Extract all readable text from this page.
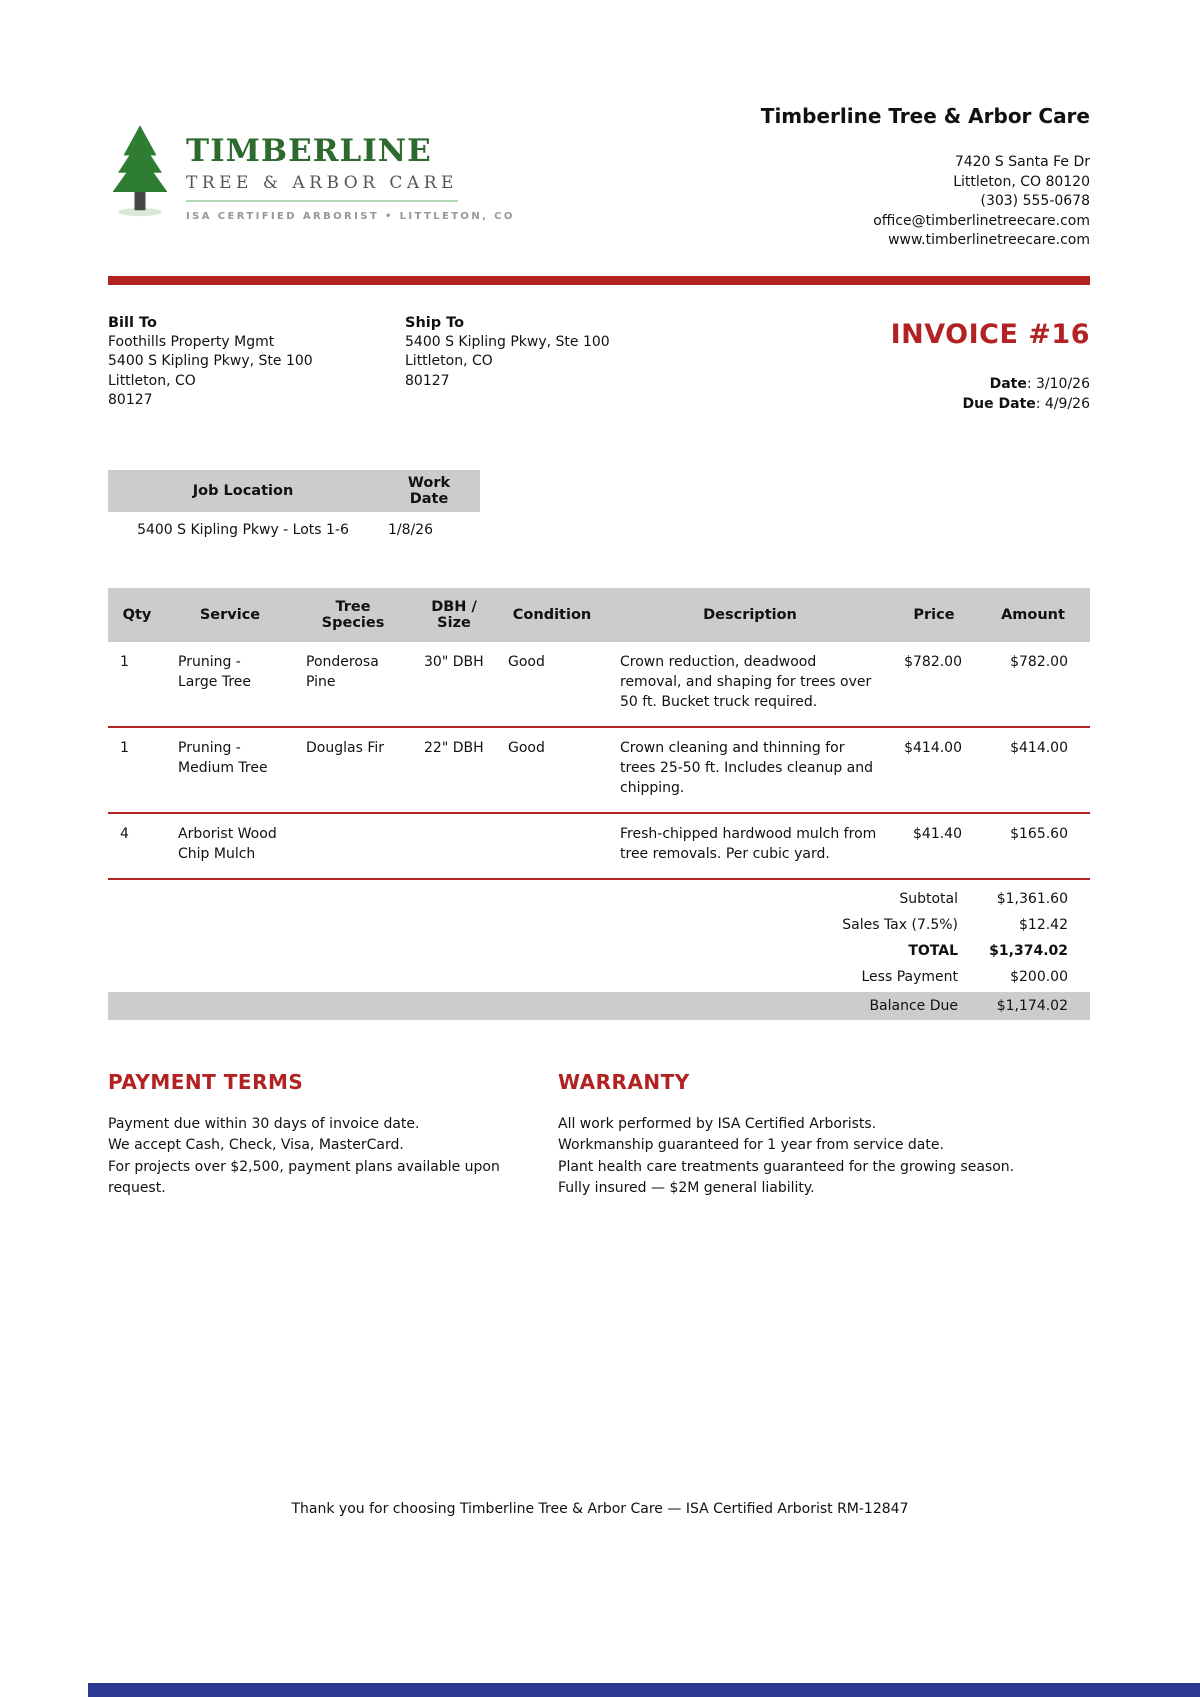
TIMBERLINE
TREE & ARBOR CARE
ISA CERTIFIED ARBORIST • LITTLETON, CO
Timberline Tree & Arbor Care
7420 S Santa Fe Dr
Littleton, CO 80120
(303) 555-0678
office@timberlinetreecare.com
www.timberlinetreecare.com
Bill To
Foothills Property Mgmt
5400 S Kipling Pkwy, Ste 100
Littleton, CO
80127
Ship To
5400 S Kipling Pkwy, Ste 100
Littleton, CO
80127
INVOICE #16
Date: 3/10/26
Due Date: 4/9/26
Job Location	Work Date
5400 S Kipling Pkwy - Lots 1-6	1/8/26
Qty	Service	Tree Species	DBH / Size	Condition	Description	Price	Amount
1	Pruning - Large Tree	Ponderosa Pine	30" DBH	Good	Crown reduction, deadwood removal, and shaping for trees over 50 ft. Bucket truck required.	$782.00	$782.00
1	Pruning - Medium Tree	Douglas Fir	22" DBH	Good	Crown cleaning and thinning for trees 25-50 ft. Includes cleanup and chipping.	$414.00	$414.00
4	Arborist Wood Chip Mulch				Fresh-chipped hardwood mulch from tree removals. Per cubic yard.	$41.40	$165.60
Subtotal	$1,361.60
Sales Tax (7.5%)	$12.42
TOTAL	$1,374.02
Less Payment	$200.00
Balance Due	$1,174.02
PAYMENT TERMS
Payment due within 30 days of invoice date.
We accept Cash, Check, Visa, MasterCard.
For projects over $2,500, payment plans available upon request.
WARRANTY
All work performed by ISA Certified Arborists.
Workmanship guaranteed for 1 year from service date.
Plant health care treatments guaranteed for the growing season.
Fully insured — $2M general liability.
Thank you for choosing Timberline Tree & Arbor Care — ISA Certified Arborist RM-12847
